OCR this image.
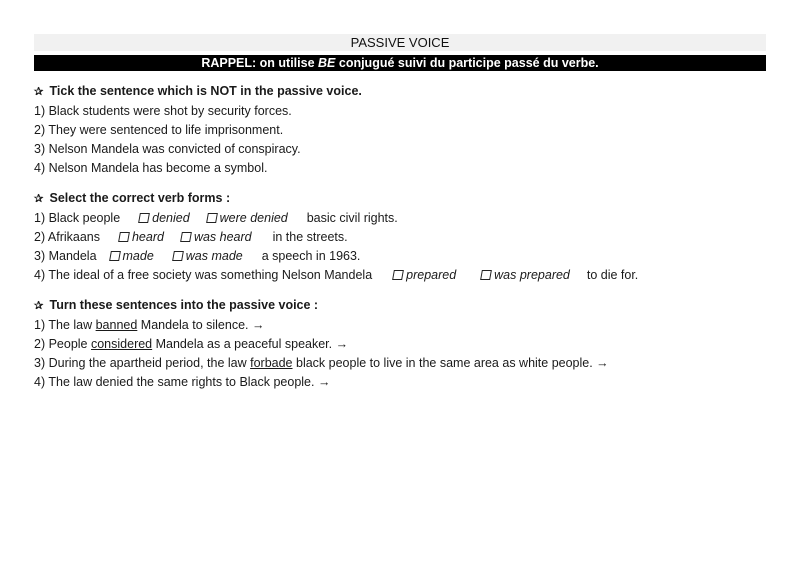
PASSIVE VOICE
RAPPEL: on utilise BE conjugué suivi du participe passé du verbe.
✰ Tick the sentence which is NOT in the passive voice.
1) Black students were shot by security forces.
2) They were sentenced to life imprisonment.
3) Nelson Mandela was convicted of conspiracy.
4) Nelson Mandela has become a symbol.
✰ Select the correct verb forms :
1) Black people	denied were denied basic civil rights.
2) Afrikaans	heard was heard in the streets.
3) Mandela made	was made a speech in 1963.
4) The ideal of a free society was something Nelson Mandela	prepared	was prepared to die for.
✰ Turn these sentences into the passive voice :
1) The law banned Mandela to silence. →
2) People considered Mandela as a peaceful speaker. →
3) During the apartheid period, the law forbade black people to live in the same area as white people. →
4) The law denied the same rights to Black people. →
